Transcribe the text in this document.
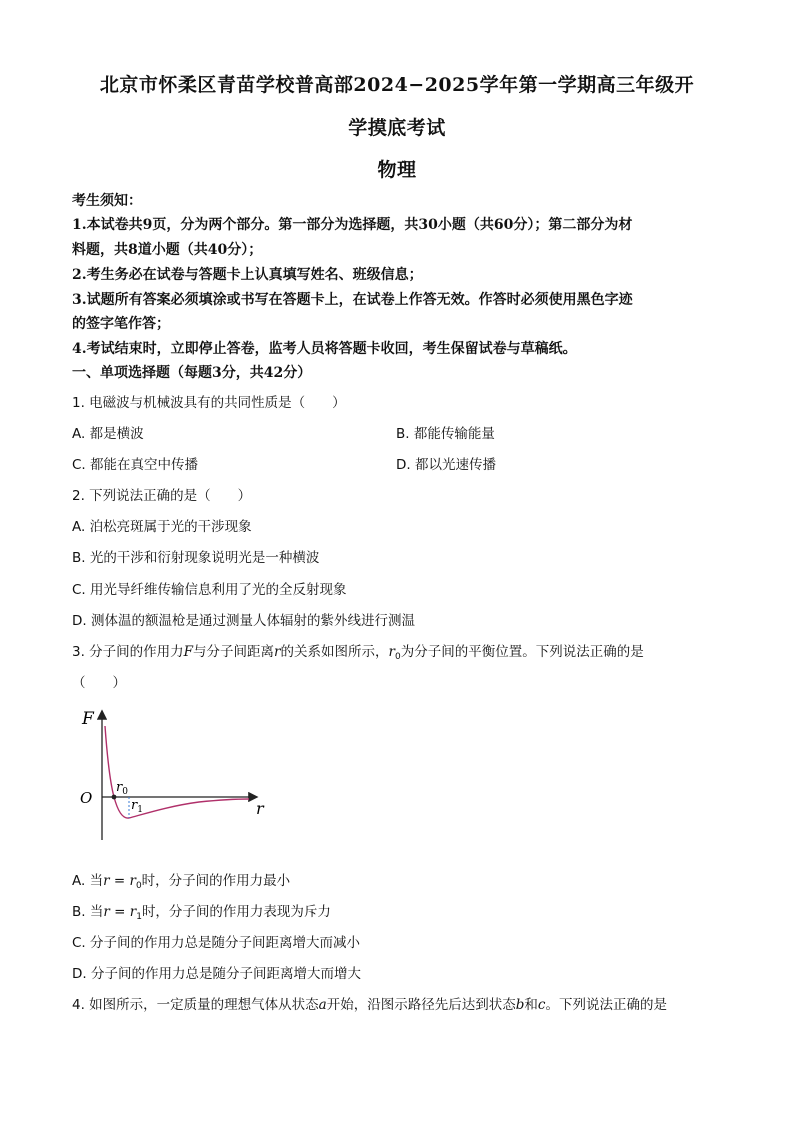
北京市怀柔区青苗学校普高部2024−2025学年第一学期高三年级开
学摸底考试
物理
考生须知：
1.本试卷共9页，分为两个部分。第一部分为选择题，共30小题（共60分）；第二部分为材
料题，共8道小题（共40分）；
2.考生务必在试卷与答题卡上认真填写姓名、班级信息；
3.试题所有答案必须填涂或书写在答题卡上，在试卷上作答无效。作答时必须使用黑色字迹
的签字笔作答；
4.考试结束时，立即停止答卷，监考人员将答题卡收回，考生保留试卷与草稿纸。
一、单项选择题（每题3分，共42分）
1. 电磁波与机械波具有的共同性质是（　　）
A. 都是横波	B. 都能传输能量
C. 都能在真空中传播	D. 都以光速传播
2. 下列说法正确的是（　　）
A. 泊松亮斑属于光的干涉现象
B. 光的干涉和衍射现象说明光是一种横波
C. 用光导纤维传输信息利用了光的全反射现象
D. 测体温的额温枪是通过测量人体辐射的紫外线进行测温
3. 分子间的作用力F与分子间距离r的关系如图所示，$r_0$为分子间的平衡位置。下列说法正确的是
（　　）
F
O
r
$r_0$
$r_1$
A. 当$r = r_0$时，分子间的作用力最小
B. 当$r = r_1$时，分子间的作用力表现为斥力
C. 分子间的作用力总是随分子间距离增大而减小
D. 分子间的作用力总是随分子间距离增大而增大
4. 如图所示，一定质量的理想气体从状态a开始，沿图示路径先后达到状态b和c。下列说法正确的是
